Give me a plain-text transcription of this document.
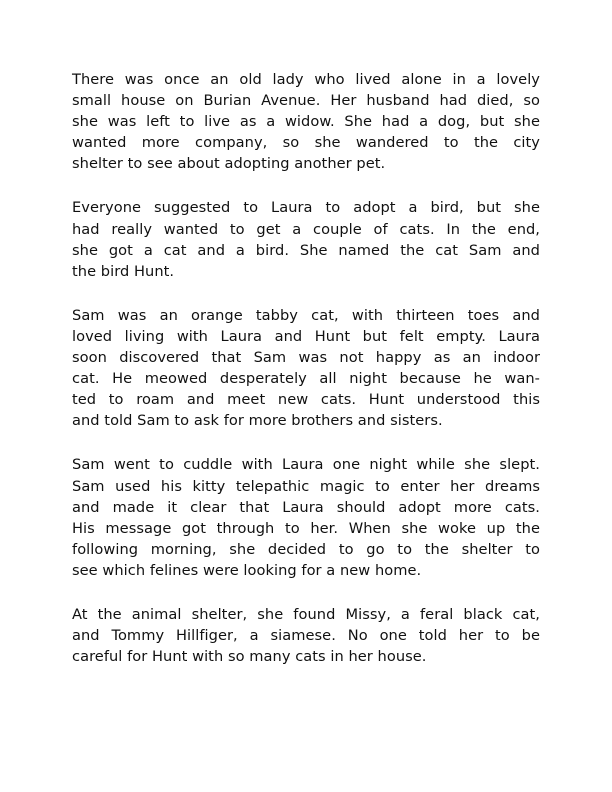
There was once an old lady who lived alone in a lovely
small house on Burian Avenue. Her husband had died, so
she was left to live as a widow. She had a dog, but she
wanted more company, so she wandered to the city
shelter to see about adopting another pet.

Everyone suggested to Laura to adopt a bird, but she
had really wanted to get a couple of cats. In the end,
she got a cat and a bird. She named the cat Sam and
the bird Hunt.

Sam was an orange tabby cat, with thirteen toes and
loved living with Laura and Hunt but felt empty. Laura
soon discovered that Sam was not happy as an indoor
cat. He meowed desperately all night because he wan-
ted to roam and meet new cats. Hunt understood this
and told Sam to ask for more brothers and sisters.

Sam went to cuddle with Laura one night while she slept.
Sam used his kitty telepathic magic to enter her dreams
and made it clear that Laura should adopt more cats.
His message got through to her. When she woke up the
following morning, she decided to go to the shelter to
see which felines were looking for a new home.

At the animal shelter, she found Missy, a feral black cat,
and Tommy Hillfiger, a siamese. No one told her to be
careful for Hunt with so many cats in her house.
